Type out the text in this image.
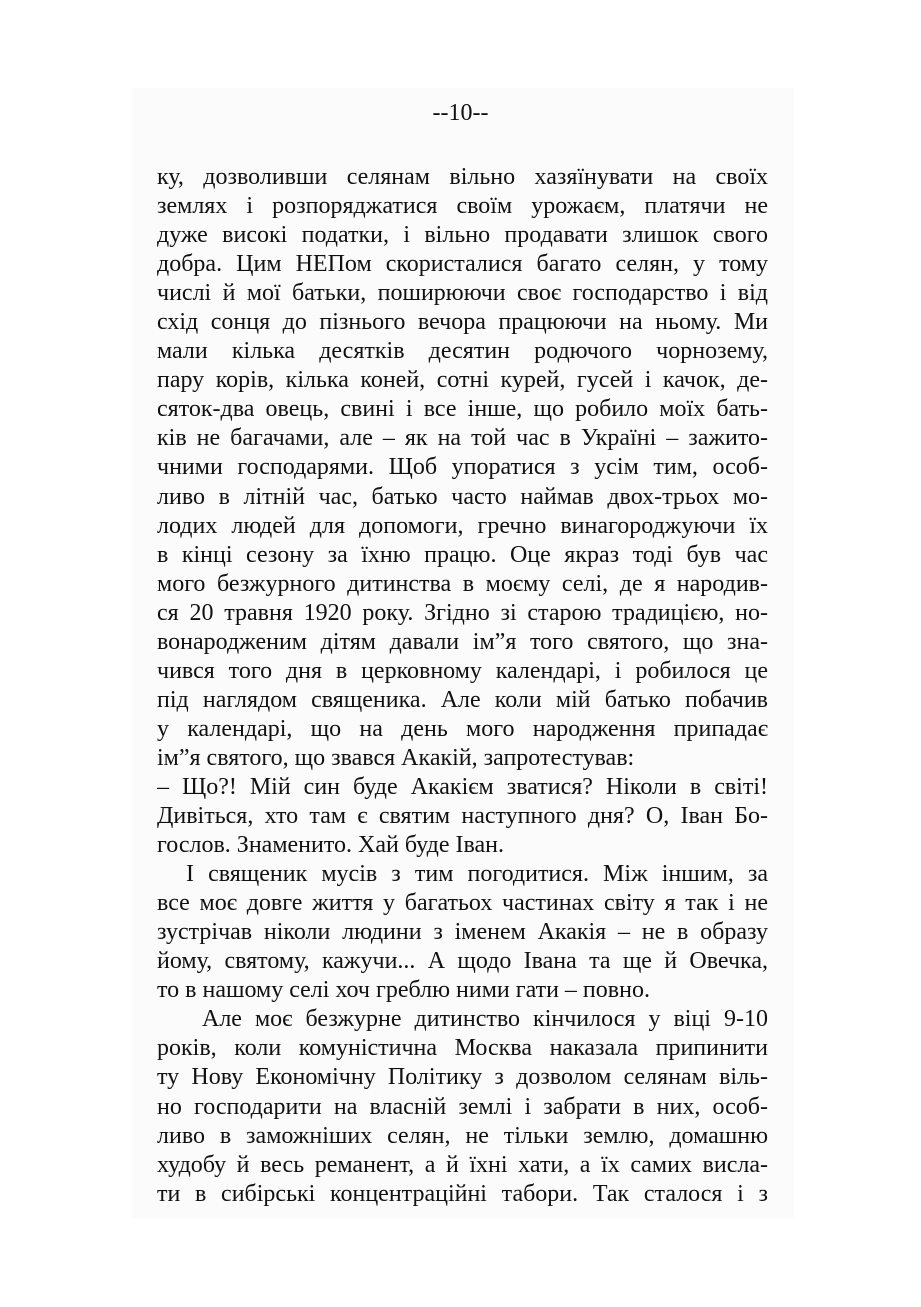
--10--
ку, дозволивши селянам вільно хазяїнувати на своїх
землях і розпоряджатися своїм урожаєм, платячи не
дуже високі податки, і вільно продавати злишок свого
добра. Цим НЕПом скористалися багато селян, у тому
числі й мої батьки, поширюючи своє господарство і від
схід сонця до пізнього вечора працюючи на ньому. Ми
мали кілька десятків десятин родючого чорнозему,
пару корів, кілька коней, сотні курей, гусей і качок, де-
сяток-два овець, свині і все інше, що робило моїх бать-
ків не багачами, але – як на той час в Україні – зажито-
чними господарями. Щоб упоратися з усім тим, особ-
ливо в літній час, батько часто наймав двох-трьох мо-
лодих людей для допомоги, гречно винагороджуючи їх
в кінці сезону за їхню працю. Оце якраз тоді був час
мого безжурного дитинства в моєму селі, де я народив-
ся 20 травня 1920 року. Згідно зі старою традицією, но-
вонародженим дітям давали ім”я того святого, що зна-
чився того дня в церковному календарі, і робилося це
під наглядом священика. Але коли мій батько побачив
у календарі, що на день мого народження припадає
ім”я святого, що звався Акакій, запротестував:
– Що?! Мій син буде Акакієм зватися? Ніколи в світі!
Дивіться, хто там є святим наступного дня? О, Іван Бо-
гослов. Знаменито. Хай буде Іван.
І священик мусів з тим погодитися. Між іншим, за
все моє довге життя у багатьох частинах світу я так і не
зустрічав ніколи людини з іменем Акакія – не в образу
йому, святому, кажучи... А щодо Івана та ще й Овечка,
то в нашому селі хоч греблю ними гати – повно.
Але моє безжурне дитинство кінчилося у віці 9-10
років, коли комуністична Москва наказала припинити
ту Нову Економічну Політику з дозволом селянам віль-
но господарити на власній землі і забрати в них, особ-
ливо в заможніших селян, не тільки землю, домашню
худобу й весь реманент, а й їхні хати, а їх самих висла-
ти в сибірські концентраційні табори. Так сталося і з
